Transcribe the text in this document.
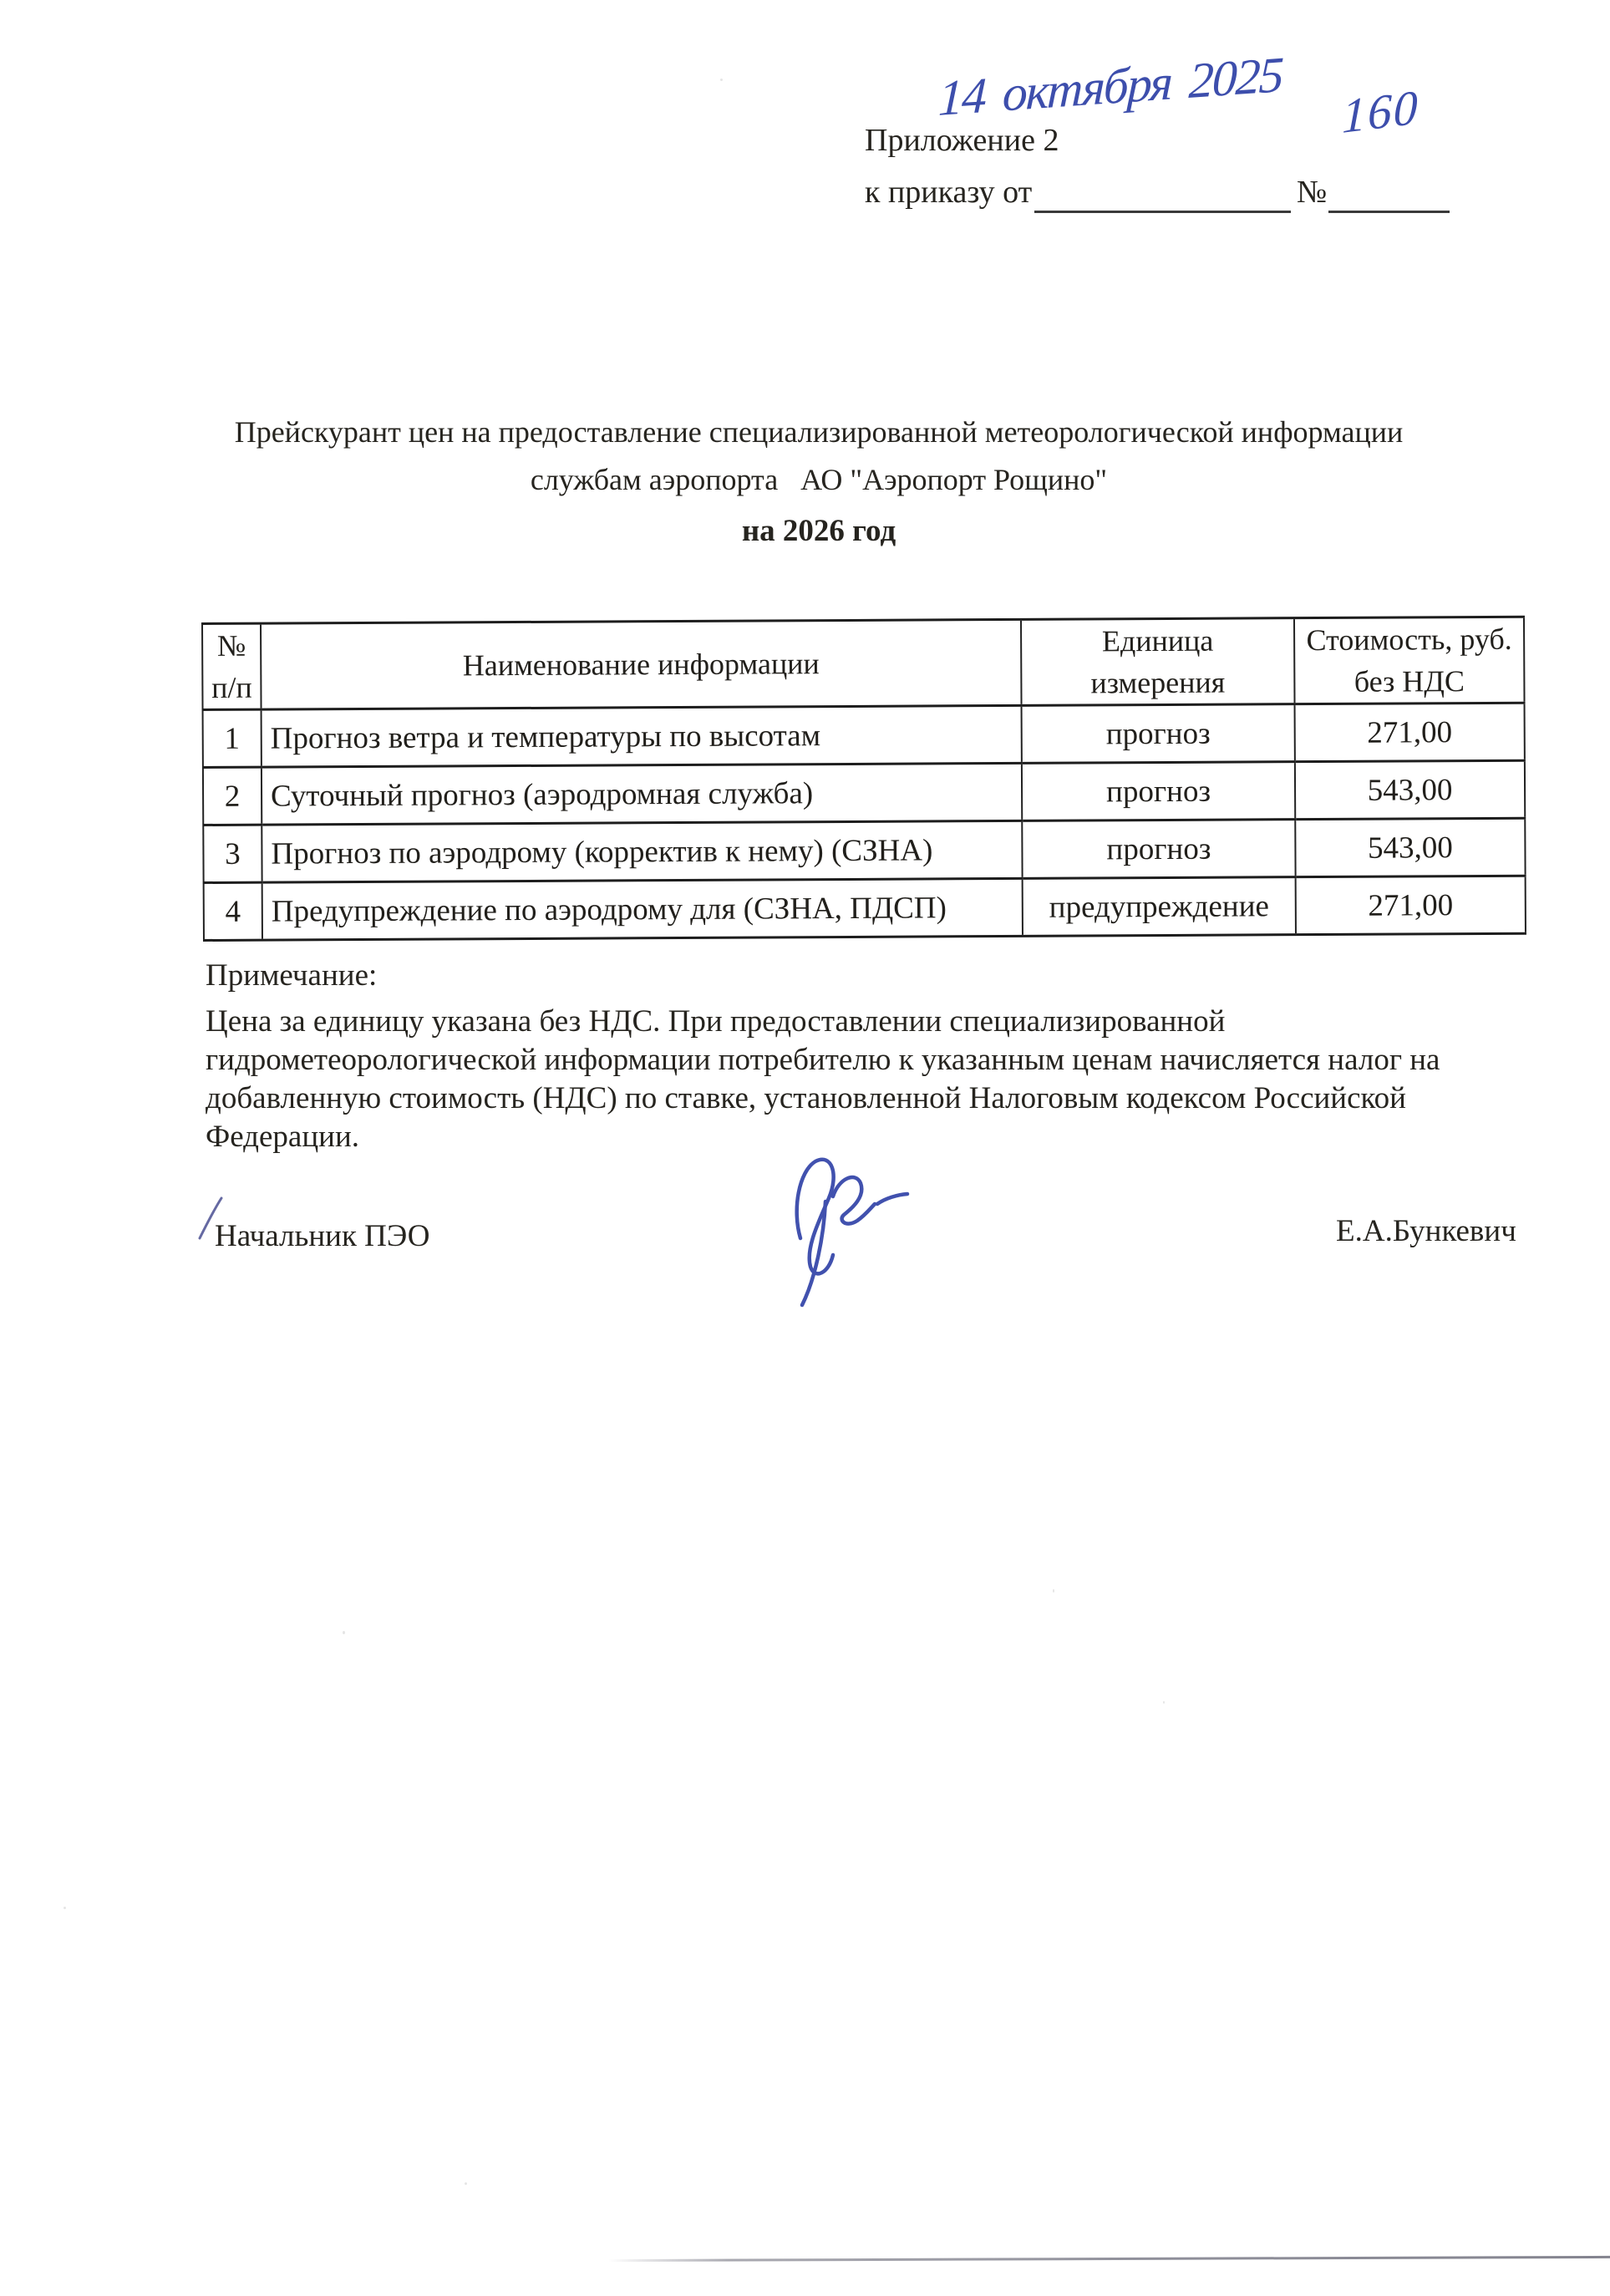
Приложение 2
к приказу от	№
14 октября 2025 160
Прейскурант цен на предоставление специализированной метеорологической информации
службам аэропорта   АО "Аэропорт Рощино"
на 2026 год
№ п/п	Наименование информации	Единица измерения	Стоимость, руб. без НДС
1	Прогноз ветра и температуры по высотам	прогноз	271,00
2	Суточный прогноз (аэродромная служба)	прогноз	543,00
3	Прогноз по аэродрому (корректив к нему) (СЗНА)	прогноз	543,00
4	Предупреждение по аэродрому для (СЗНА, ПДСП)	предупреждение	271,00
Примечание:
Цена за единицу указана без НДС. При предоставлении специализированной гидрометеорологической информации потребителю к указанным ценам начисляется налог на добавленную стоимость (НДС) по ставке, установленной Налоговым кодексом Российской Федерации.
Начальник ПЭО	Е.А.Бункевич
